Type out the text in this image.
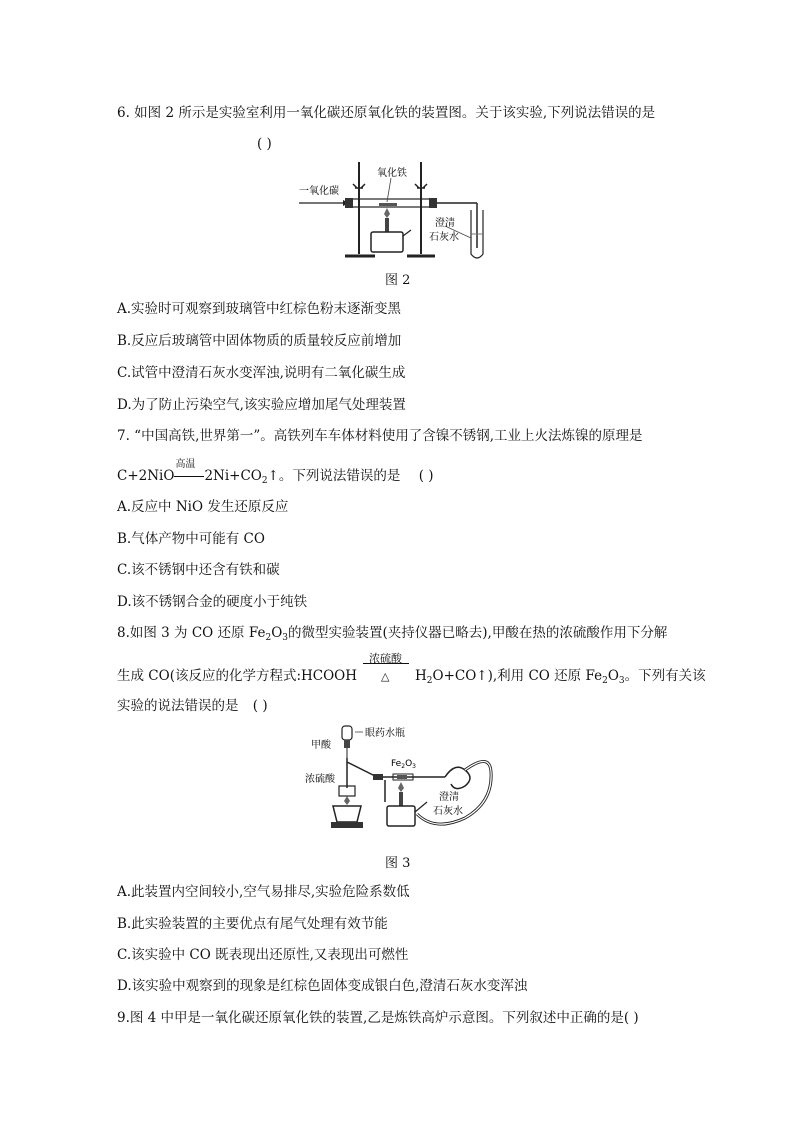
6. 如图 2 所示是实验室利用一氧化碳还原氧化铁的装置图。关于该实验,下列说法错误的是
( )
一氧化碳
氧化铁
澄清
石灰水
图 2
A.实验时可观察到玻璃管中红棕色粉末逐渐变黑
B.反应后玻璃管中固体物质的质量较反应前增加
C.试管中澄清石灰水变浑浊,说明有二氧化碳生成
D.为了防止污染空气,该实验应增加尾气处理装置
7. “中国高铁,世界第一”。高铁列车车体材料使用了含镍不锈钢,工业上火法炼镍的原理是
C+2NiO
高温
$2Ni+CO_2↑$。下列说法错误的是 ( )
A.反应中 NiO 发生还原反应
B.气体产物中可能有 CO
C.该不锈钢中还含有铁和碳
D.该不锈钢合金的硬度小于纯铁
8.如图 3 为 CO 还原 $Fe_2O_3$的微型实验装置(夹持仪器已略去),甲酸在热的浓硫酸作用下分解
生成 CO(该反应的化学方程式:HCOOH
浓硫酸
△ $H_2O+CO↑$),利用 CO 还原 $Fe_2O_3$。下列有关该
实验的说法错误的是 ( )
眼药水瓶
甲酸
浓硫酸
$Fe_2O_3$
澄清
石灰水
图 3
A.此装置内空间较小,空气易排尽,实验危险系数低
B.此实验装置的主要优点有尾气处理有效节能
C.该实验中 CO 既表现出还原性,又表现出可燃性
D.该实验中观察到的现象是红棕色固体变成银白色,澄清石灰水变浑浊
9.图 4 中甲是一氧化碳还原氧化铁的装置,乙是炼铁高炉示意图。下列叙述中正确的是( )
